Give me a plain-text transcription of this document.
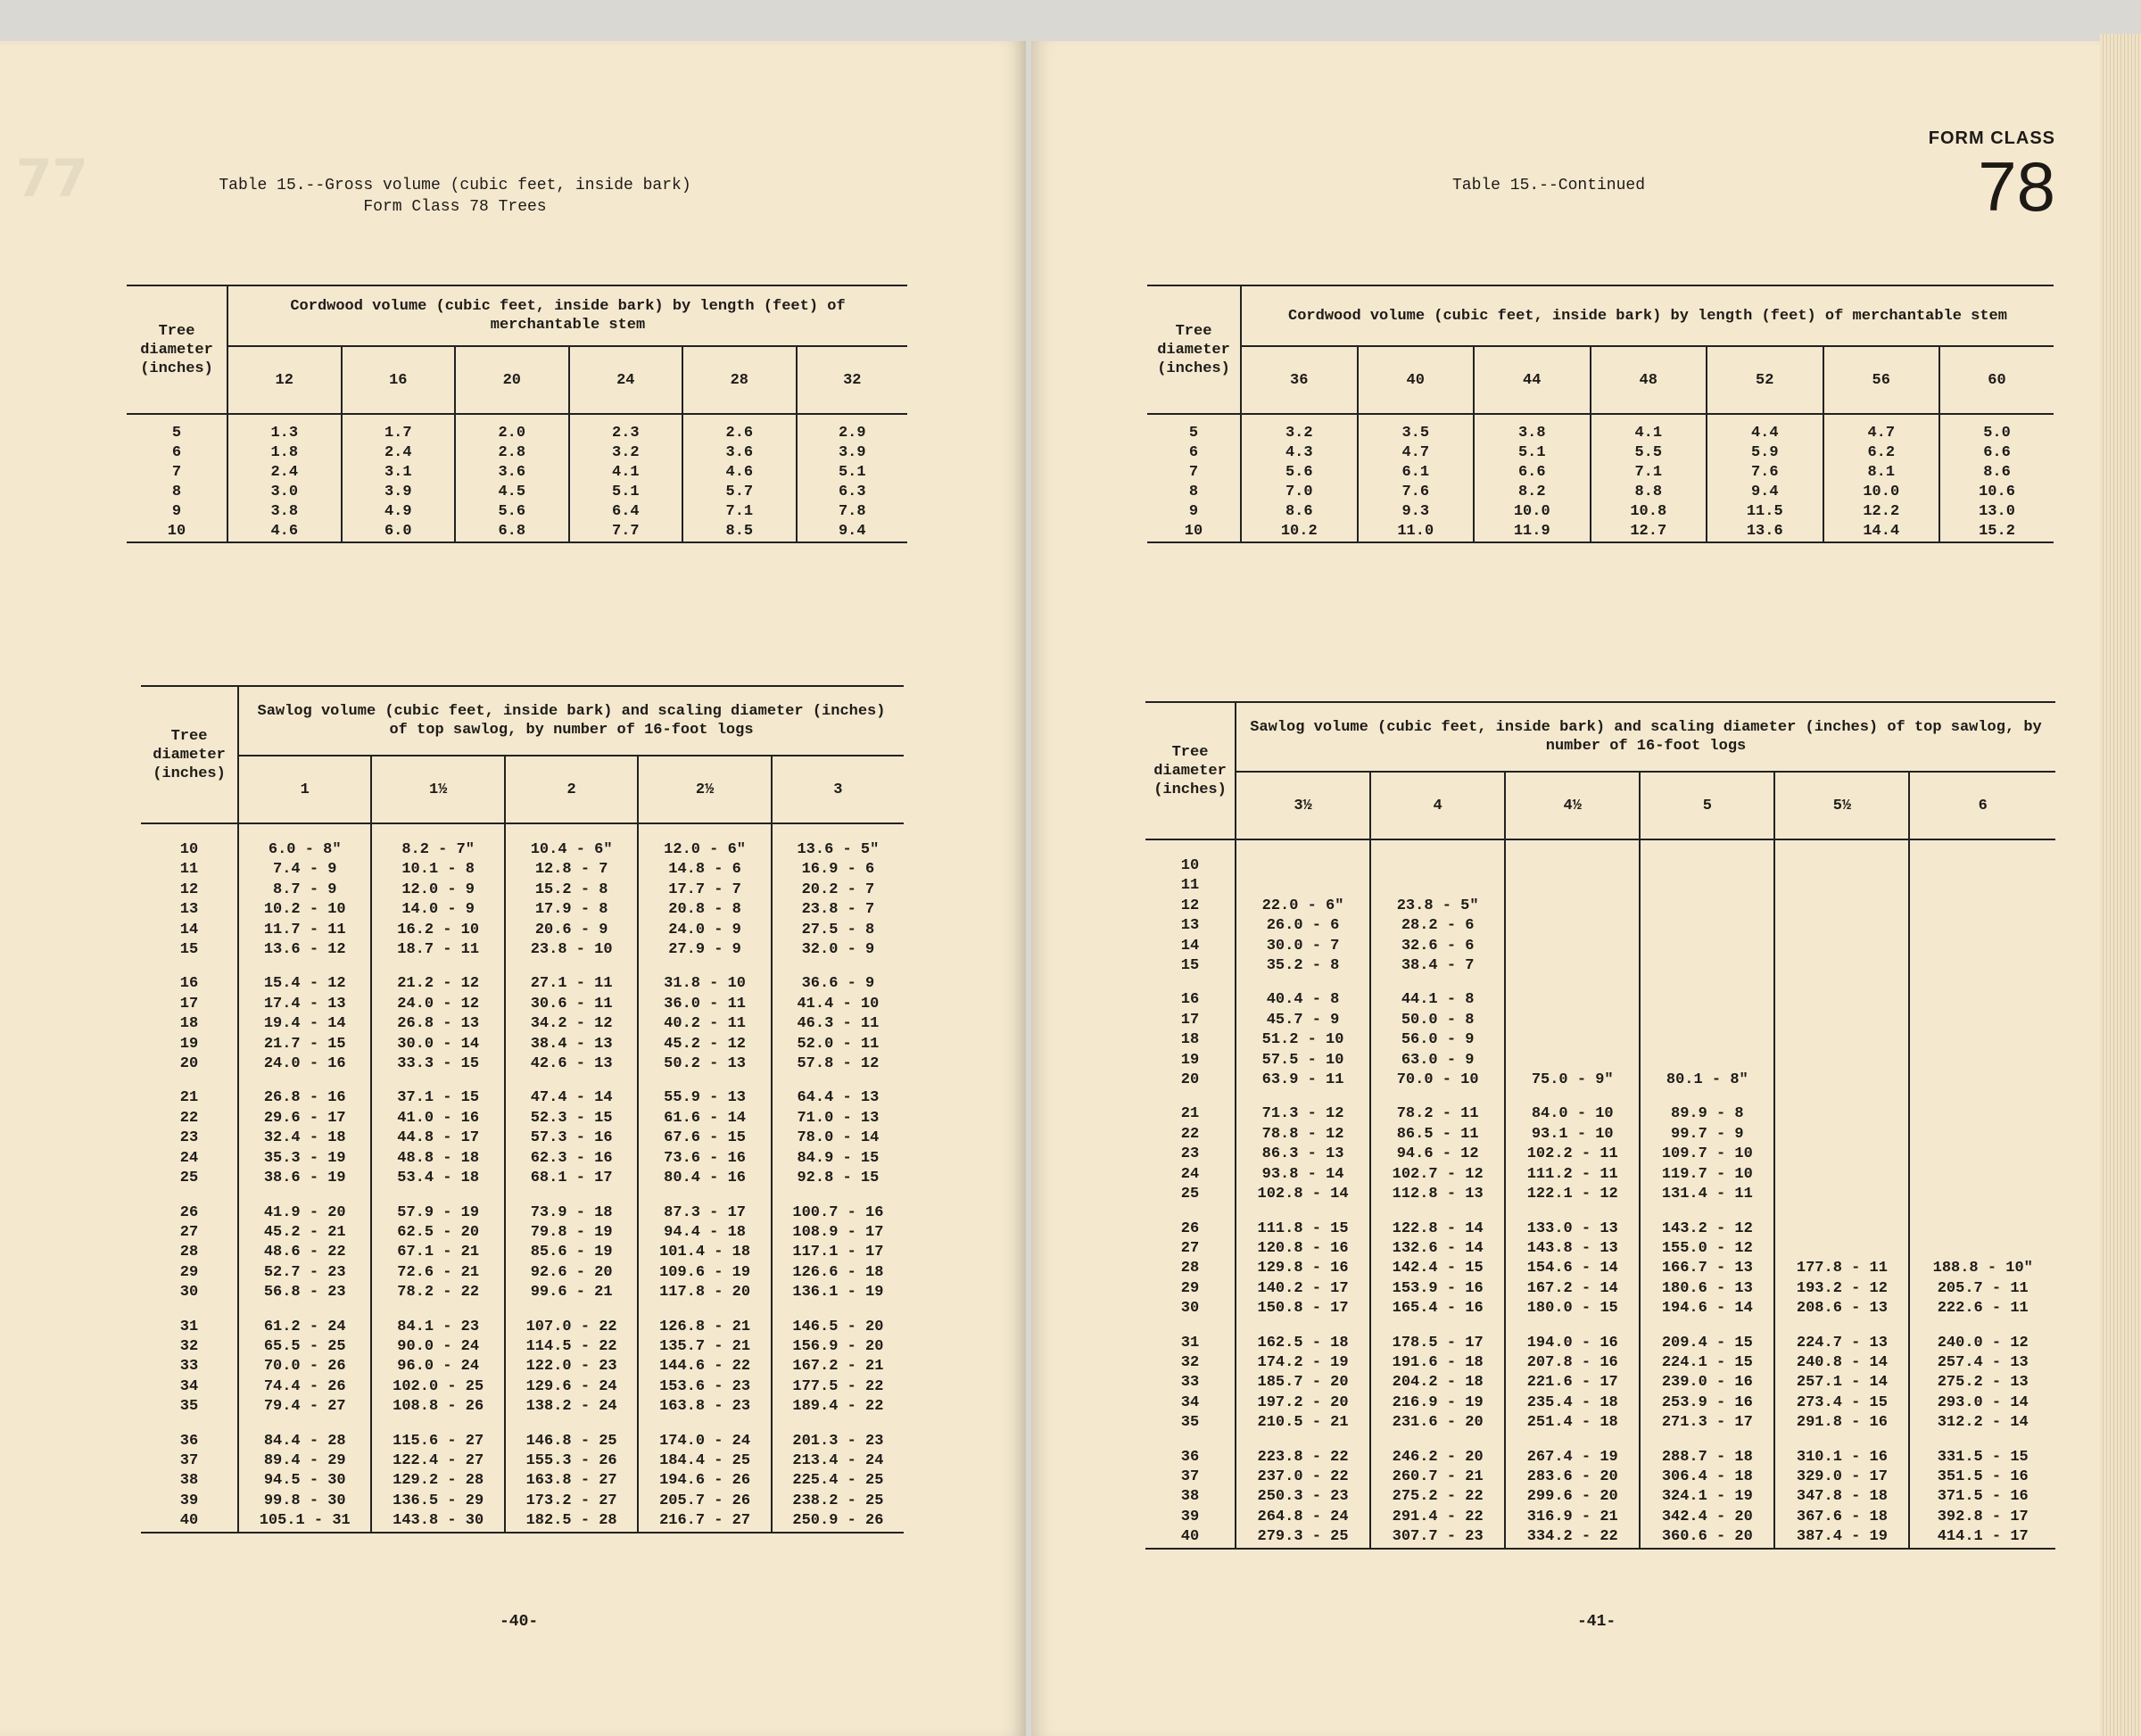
77	Table 15.--Gross volume (cubic feet, inside bark)
Form Class 78 Trees
Tree diameter (inches)	Cordwood volume (cubic feet, inside bark) by length (feet) of merchantable stem					
	12	16	20	24	28	32
5	1.3	1.7	2.0	2.3	2.6	2.9
6	1.8	2.4	2.8	3.2	3.6	3.9
7	2.4	3.1	3.6	4.1	4.6	5.1
8	3.0	3.9	4.5	5.1	5.7	6.3
9	3.8	4.9	5.6	6.4	7.1	7.8
10	4.6	6.0	6.8	7.7	8.5	9.4
Tree diameter (inches)	Sawlog volume (cubic feet, inside bark) and scaling diameter (inches) of top sawlog, by number of 16-foot logs				
	1	1½	2	2½	3
10	6.0 - 8"	8.2 - 7"	10.4 - 6"	12.0 - 6"	13.6 - 5"
11	7.4 - 9	10.1 - 8	12.8 - 7	14.8 - 6	16.9 - 6
12	8.7 - 9	12.0 - 9	15.2 - 8	17.7 - 7	20.2 - 7
13	10.2 - 10	14.0 - 9	17.9 - 8	20.8 - 8	23.8 - 7
14	11.7 - 11	16.2 - 10	20.6 - 9	24.0 - 9	27.5 - 8
15	13.6 - 12	18.7 - 11	23.8 - 10	27.9 - 9	32.0 - 9
16	15.4 - 12	21.2 - 12	27.1 - 11	31.8 - 10	36.6 - 9
17	17.4 - 13	24.0 - 12	30.6 - 11	36.0 - 11	41.4 - 10
18	19.4 - 14	26.8 - 13	34.2 - 12	40.2 - 11	46.3 - 11
19	21.7 - 15	30.0 - 14	38.4 - 13	45.2 - 12	52.0 - 11
20	24.0 - 16	33.3 - 15	42.6 - 13	50.2 - 13	57.8 - 12
21	26.8 - 16	37.1 - 15	47.4 - 14	55.9 - 13	64.4 - 13
22	29.6 - 17	41.0 - 16	52.3 - 15	61.6 - 14	71.0 - 13
23	32.4 - 18	44.8 - 17	57.3 - 16	67.6 - 15	78.0 - 14
24	35.3 - 19	48.8 - 18	62.3 - 16	73.6 - 16	84.9 - 15
25	38.6 - 19	53.4 - 18	68.1 - 17	80.4 - 16	92.8 - 15
26	41.9 - 20	57.9 - 19	73.9 - 18	87.3 - 17	100.7 - 16
27	45.2 - 21	62.5 - 20	79.8 - 19	94.4 - 18	108.9 - 17
28	48.6 - 22	67.1 - 21	85.6 - 19	101.4 - 18	117.1 - 17
29	52.7 - 23	72.6 - 21	92.6 - 20	109.6 - 19	126.6 - 18
30	56.8 - 23	78.2 - 22	99.6 - 21	117.8 - 20	136.1 - 19
31	61.2 - 24	84.1 - 23	107.0 - 22	126.8 - 21	146.5 - 20
32	65.5 - 25	90.0 - 24	114.5 - 22	135.7 - 21	156.9 - 20
33	70.0 - 26	96.0 - 24	122.0 - 23	144.6 - 22	167.2 - 21
34	74.4 - 26	102.0 - 25	129.6 - 24	153.6 - 23	177.5 - 22
35	79.4 - 27	108.8 - 26	138.2 - 24	163.8 - 23	189.4 - 22
36	84.4 - 28	115.6 - 27	146.8 - 25	174.0 - 24	201.3 - 23
37	89.4 - 29	122.4 - 27	155.3 - 26	184.4 - 25	213.4 - 24
38	94.5 - 30	129.2 - 28	163.8 - 27	194.6 - 26	225.4 - 25
39	99.8 - 30	136.5 - 29	173.2 - 27	205.7 - 26	238.2 - 25
40	105.1 - 31	143.8 - 30	182.5 - 28	216.7 - 27	250.9 - 26
-40-
FORM CLASS
78
Table 15.--Continued
Tree diameter (inches)	Cordwood volume (cubic feet, inside bark) by length (feet) of merchantable stem						
	36	40	44	48	52	56	60
5	3.2	3.5	3.8	4.1	4.4	4.7	5.0
6	4.3	4.7	5.1	5.5	5.9	6.2	6.6
7	5.6	6.1	6.6	7.1	7.6	8.1	8.6
8	7.0	7.6	8.2	8.8	9.4	10.0	10.6
9	8.6	9.3	10.0	10.8	11.5	12.2	13.0
10	10.2	11.0	11.9	12.7	13.6	14.4	15.2
Tree diameter (inches)	Sawlog volume (cubic feet, inside bark) and scaling diameter (inches) of top sawlog, by number of 16-foot logs					
	3½	4	4½	5	5½	6
10						
11						
12	22.0 - 6"	23.8 - 5"				
13	26.0 - 6	28.2 - 6				
14	30.0 - 7	32.6 - 6				
15	35.2 - 8	38.4 - 7				
16	40.4 - 8	44.1 - 8				
17	45.7 - 9	50.0 - 8				
18	51.2 - 10	56.0 - 9				
19	57.5 - 10	63.0 - 9				
20	63.9 - 11	70.0 - 10	75.0 - 9"	80.1 - 8"		
21	71.3 - 12	78.2 - 11	84.0 - 10	89.9 - 8		
22	78.8 - 12	86.5 - 11	93.1 - 10	99.7 - 9		
23	86.3 - 13	94.6 - 12	102.2 - 11	109.7 - 10		
24	93.8 - 14	102.7 - 12	111.2 - 11	119.7 - 10		
25	102.8 - 14	112.8 - 13	122.1 - 12	131.4 - 11		
26	111.8 - 15	122.8 - 14	133.0 - 13	143.2 - 12		
27	120.8 - 16	132.6 - 14	143.8 - 13	155.0 - 12		
28	129.8 - 16	142.4 - 15	154.6 - 14	166.7 - 13	177.8 - 11	188.8 - 10"
29	140.2 - 17	153.9 - 16	167.2 - 14	180.6 - 13	193.2 - 12	205.7 - 11
30	150.8 - 17	165.4 - 16	180.0 - 15	194.6 - 14	208.6 - 13	222.6 - 11
31	162.5 - 18	178.5 - 17	194.0 - 16	209.4 - 15	224.7 - 13	240.0 - 12
32	174.2 - 19	191.6 - 18	207.8 - 16	224.1 - 15	240.8 - 14	257.4 - 13
33	185.7 - 20	204.2 - 18	221.6 - 17	239.0 - 16	257.1 - 14	275.2 - 13
34	197.2 - 20	216.9 - 19	235.4 - 18	253.9 - 16	273.4 - 15	293.0 - 14
35	210.5 - 21	231.6 - 20	251.4 - 18	271.3 - 17	291.8 - 16	312.2 - 14
36	223.8 - 22	246.2 - 20	267.4 - 19	288.7 - 18	310.1 - 16	331.5 - 15
37	237.0 - 22	260.7 - 21	283.6 - 20	306.4 - 18	329.0 - 17	351.5 - 16
38	250.3 - 23	275.2 - 22	299.6 - 20	324.1 - 19	347.8 - 18	371.5 - 16
39	264.8 - 24	291.4 - 22	316.9 - 21	342.4 - 20	367.6 - 18	392.8 - 17
40	279.3 - 25	307.7 - 23	334.2 - 22	360.6 - 20	387.4 - 19	414.1 - 17
-41-
